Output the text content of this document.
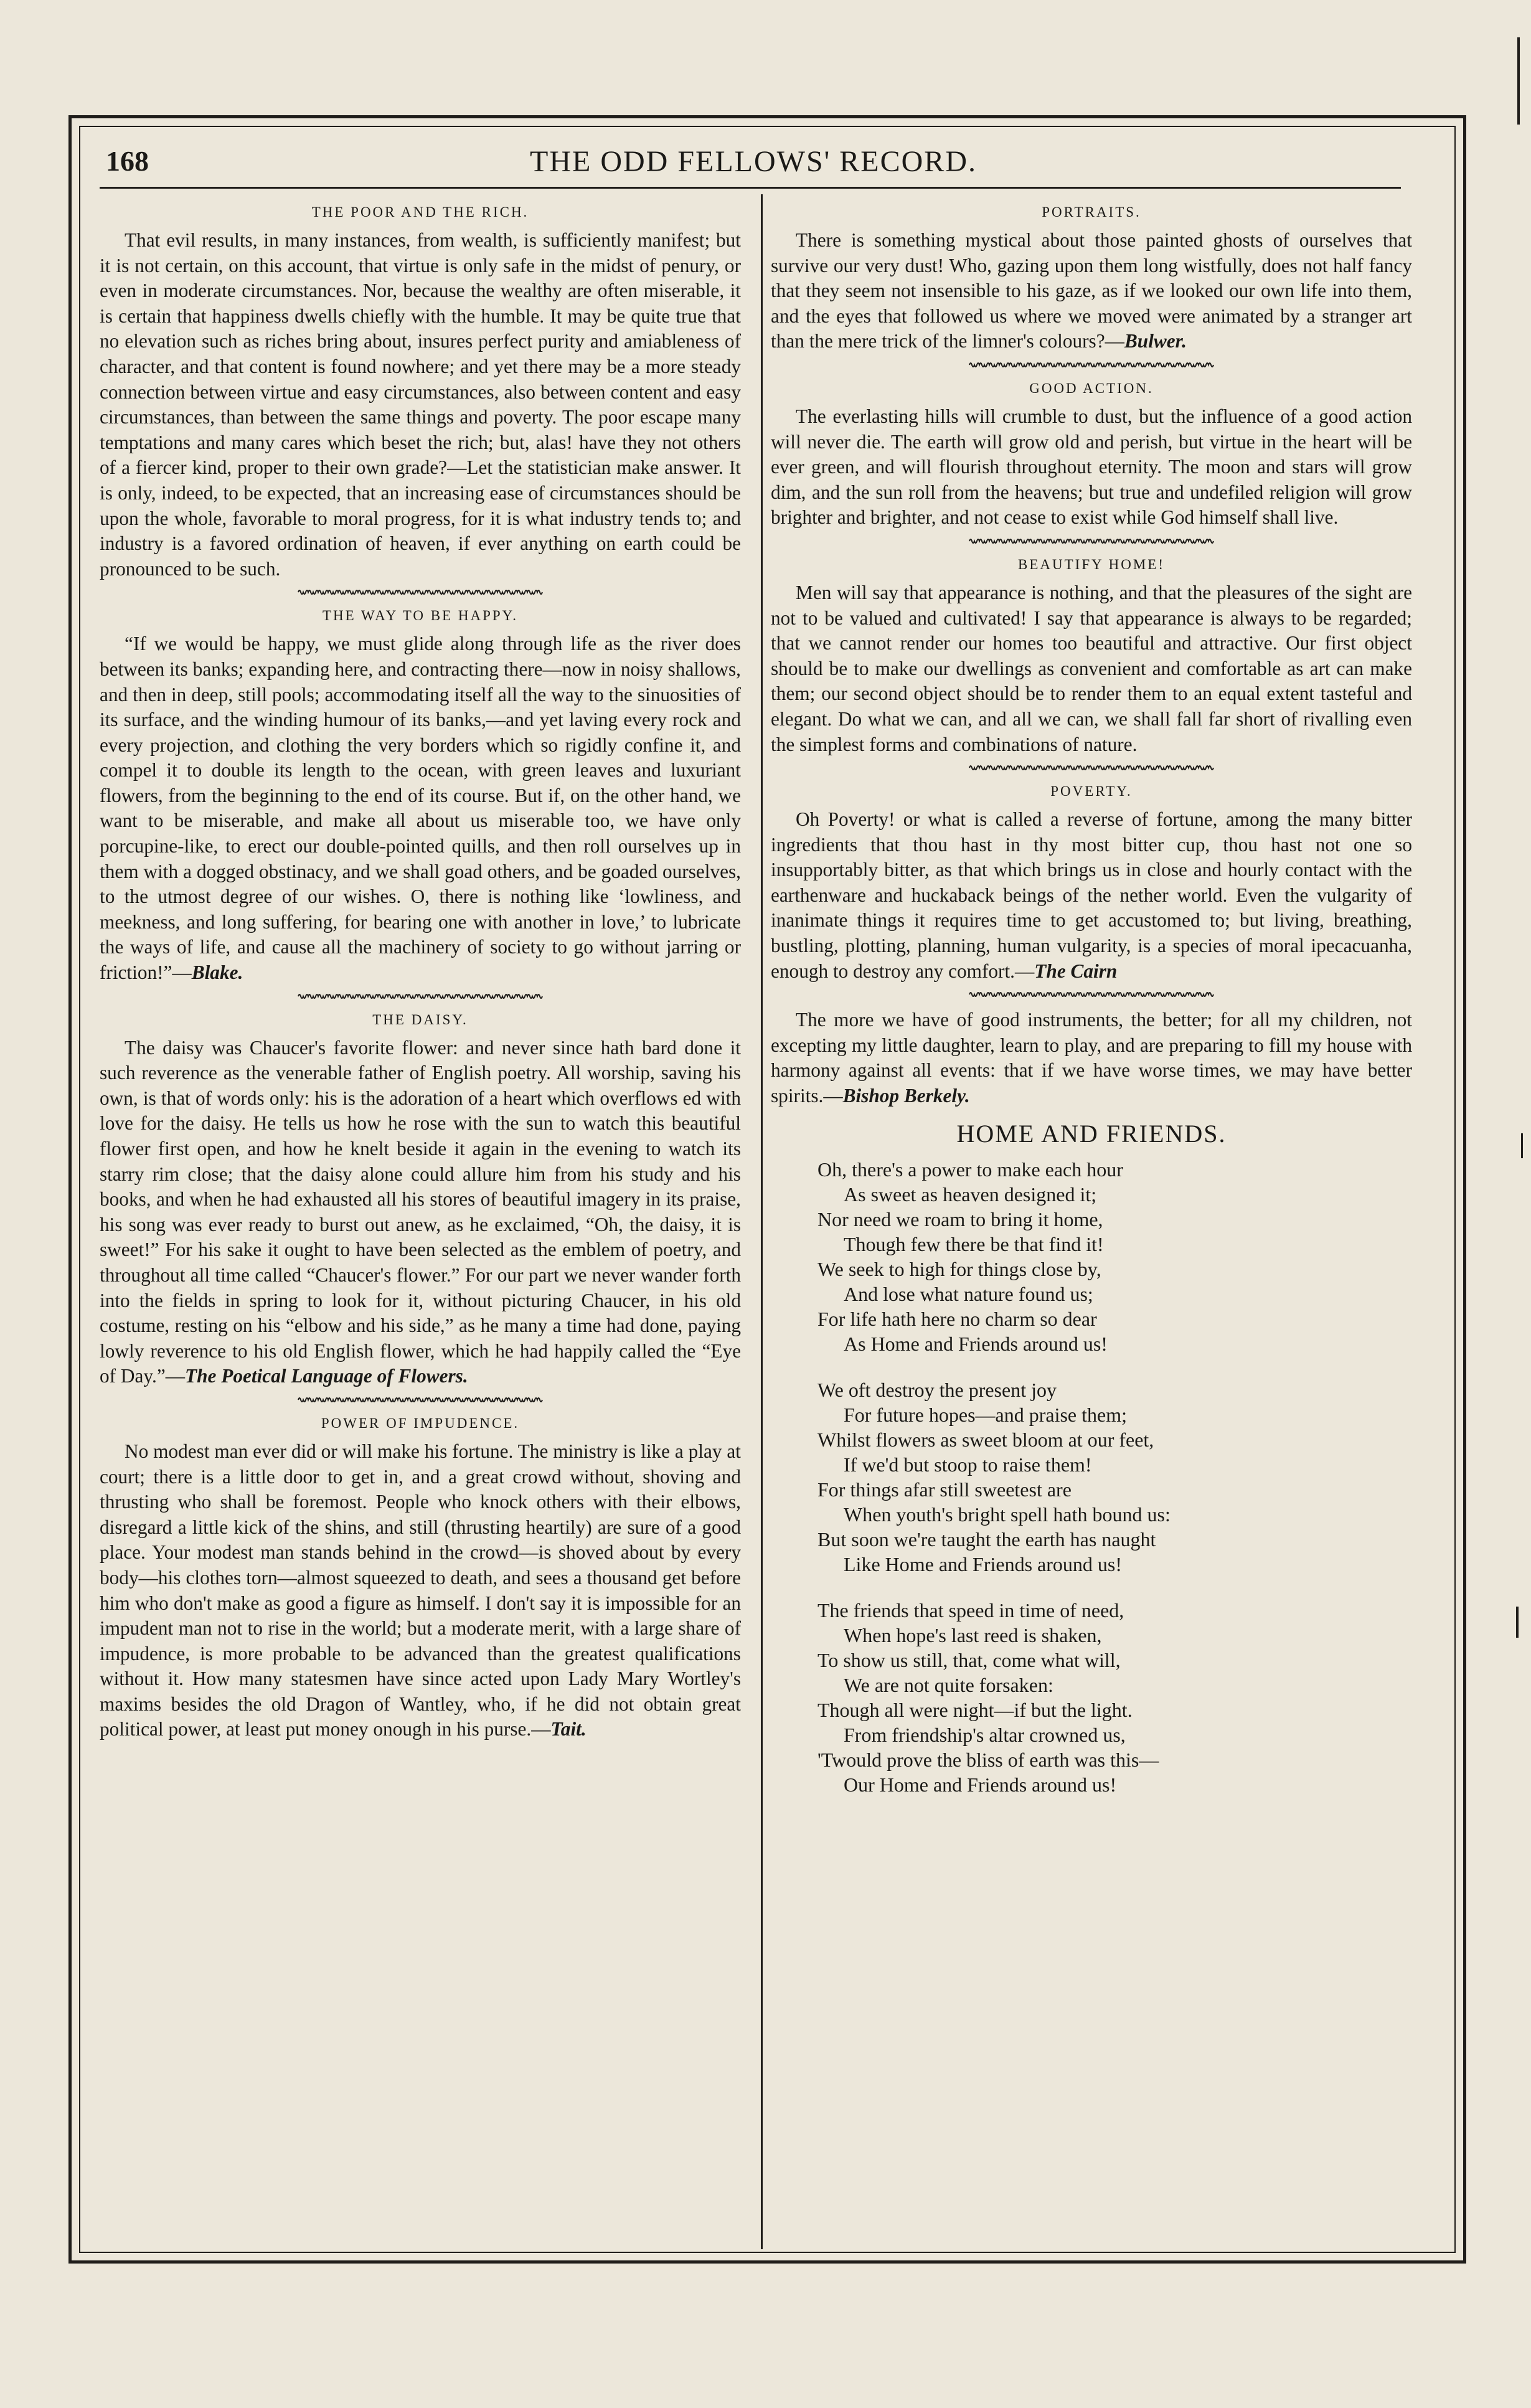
168	THE ODD FELLOWS' RECORD.
THE POOR AND THE RICH.

That evil results, in many instances, from wealth, is sufficiently manifest; but it is not certain, on this account, that virtue is only safe in the midst of penury, or even in moderate circumstances. Nor, because the wealthy are often miserable, it is certain that happiness dwells chiefly with the humble. It may be quite true that no elevation such as riches bring about, insures perfect purity and amiableness of character, and that content is found nowhere; and yet there may be a more steady connection between virtue and easy circumstances, also between content and easy circumstances, than between the same things and poverty. The poor escape many temptations and many cares which beset the rich; but, alas! have they not others of a fiercer kind, proper to their own grade?—Let the statistician make answer. It is only, indeed, to be expected, that an increasing ease of circumstances should be upon the whole, favorable to moral progress, for it is what industry tends to; and industry is a favored ordination of heaven, if ever anything on earth could be pronounced to be such.

THE WAY TO BE HAPPY.

“If we would be happy, we must glide along through life as the river does between its banks; expanding here, and contracting there—now in noisy shallows, and then in deep, still pools; accommodating itself all the way to the sinuosities of its surface, and the winding humour of its banks,—and yet laving every rock and every projection, and clothing the very borders which so rigidly confine it, and compel it to double its length to the ocean, with green leaves and luxuriant flowers, from the beginning to the end of its course. But if, on the other hand, we want to be miserable, and make all about us miserable too, we have only porcupine-like, to erect our double-pointed quills, and then roll ourselves up in them with a dogged obstinacy, and we shall goad others, and be goaded ourselves, to the utmost degree of our wishes. O, there is nothing like ‘lowliness, and meekness, and long suffering, for bearing one with another in love,’ to lubricate the ways of life, and cause all the machinery of society to go without jarring or friction!”—Blake.

THE DAISY.

The daisy was Chaucer's favorite flower: and never since hath bard done it such reverence as the venerable father of English poetry. All worship, saving his own, is that of words only: his is the adoration of a heart which overflows ed with love for the daisy. He tells us how he rose with the sun to watch this beautiful flower first open, and how he knelt beside it again in the evening to watch its starry rim close; that the daisy alone could allure him from his study and his books, and when he had exhausted all his stores of beautiful imagery in its praise, his song was ever ready to burst out anew, as he exclaimed, “Oh, the daisy, it is sweet!” For his sake it ought to have been selected as the emblem of poetry, and throughout all time called “Chaucer's flower.” For our part we never wander forth into the fields in spring to look for it, without picturing Chaucer, in his old costume, resting on his “elbow and his side,” as he many a time had done, paying lowly reverence to his old English flower, which he had happily called the “Eye of Day.”—The Poetical Language of Flowers.

POWER OF IMPUDENCE.

No modest man ever did or will make his fortune. The ministry is like a play at court; there is a little door to get in, and a great crowd without, shoving and thrusting who shall be foremost. People who knock others with their elbows, disregard a little kick of the shins, and still (thrusting heartily) are sure of a good place. Your modest man stands behind in the crowd—is shoved about by every body—his clothes torn—almost squeezed to death, and sees a thousand get before him who don't make as good a figure as himself. I don't say it is impossible for an impudent man not to rise in the world; but a moderate merit, with a large share of impudence, is more probable to be advanced than the greatest qualifications without it. How many statesmen have since acted upon Lady Mary Wortley's maxims besides the old Dragon of Wantley, who, if he did not obtain great political power, at least put money onough in his purse.—Tait.

PORTRAITS.

There is something mystical about those painted ghosts of ourselves that survive our very dust! Who, gazing upon them long wistfully, does not half fancy that they seem not insensible to his gaze, as if we looked our own life into them, and the eyes that followed us where we moved were animated by a stranger art than the mere trick of the limner's colours?—Bulwer.

GOOD ACTION.

The everlasting hills will crumble to dust, but the influence of a good action will never die. The earth will grow old and perish, but virtue in the heart will be ever green, and will flourish throughout eternity. The moon and stars will grow dim, and the sun roll from the heavens; but true and undefiled religion will grow brighter and brighter, and not cease to exist while God himself shall live.

BEAUTIFY HOME!

Men will say that appearance is nothing, and that the pleasures of the sight are not to be valued and cultivated! I say that appearance is always to be regarded; that we cannot render our homes too beautiful and attractive. Our first object should be to make our dwellings as convenient and comfortable as art can make them; our second object should be to render them to an equal extent tasteful and elegant. Do what we can, and all we can, we shall fall far short of rivalling even the simplest forms and combinations of nature.

POVERTY.

Oh Poverty! or what is called a reverse of fortune, among the many bitter ingredients that thou hast in thy most bitter cup, thou hast not one so insupportably bitter, as that which brings us in close and hourly contact with the earthenware and huckaback beings of the nether world. Even the vulgarity of inanimate things it requires time to get accustomed to; but living, breathing, bustling, plotting, planning, human vulgarity, is a species of moral ipecacuanha, enough to destroy any comfort.—The Cairn

The more we have of good instruments, the better; for all my children, not excepting my little daughter, learn to play, and are preparing to fill my house with harmony against all events: that if we have worse times, we may have better spirits.—Bishop Berkely.

HOME AND FRIENDS.
Oh, there's a power to make each hour
As sweet as heaven designed it;
Nor need we roam to bring it home,
Though few there be that find it!
We seek to high for things close by,
And lose what nature found us;
For life hath here no charm so dear
As Home and Friends around us!
We oft destroy the present joy
For future hopes—and praise them;
Whilst flowers as sweet bloom at our feet,
If we'd but stoop to raise them!
For things afar still sweetest are
When youth's bright spell hath bound us:
But soon we're taught the earth has naught
Like Home and Friends around us!
The friends that speed in time of need,
When hope's last reed is shaken,
To show us still, that, come what will,
We are not quite forsaken:
Though all were night—if but the light.
From friendship's altar crowned us,
'Twould prove the bliss of earth was this—
Our Home and Friends around us!
